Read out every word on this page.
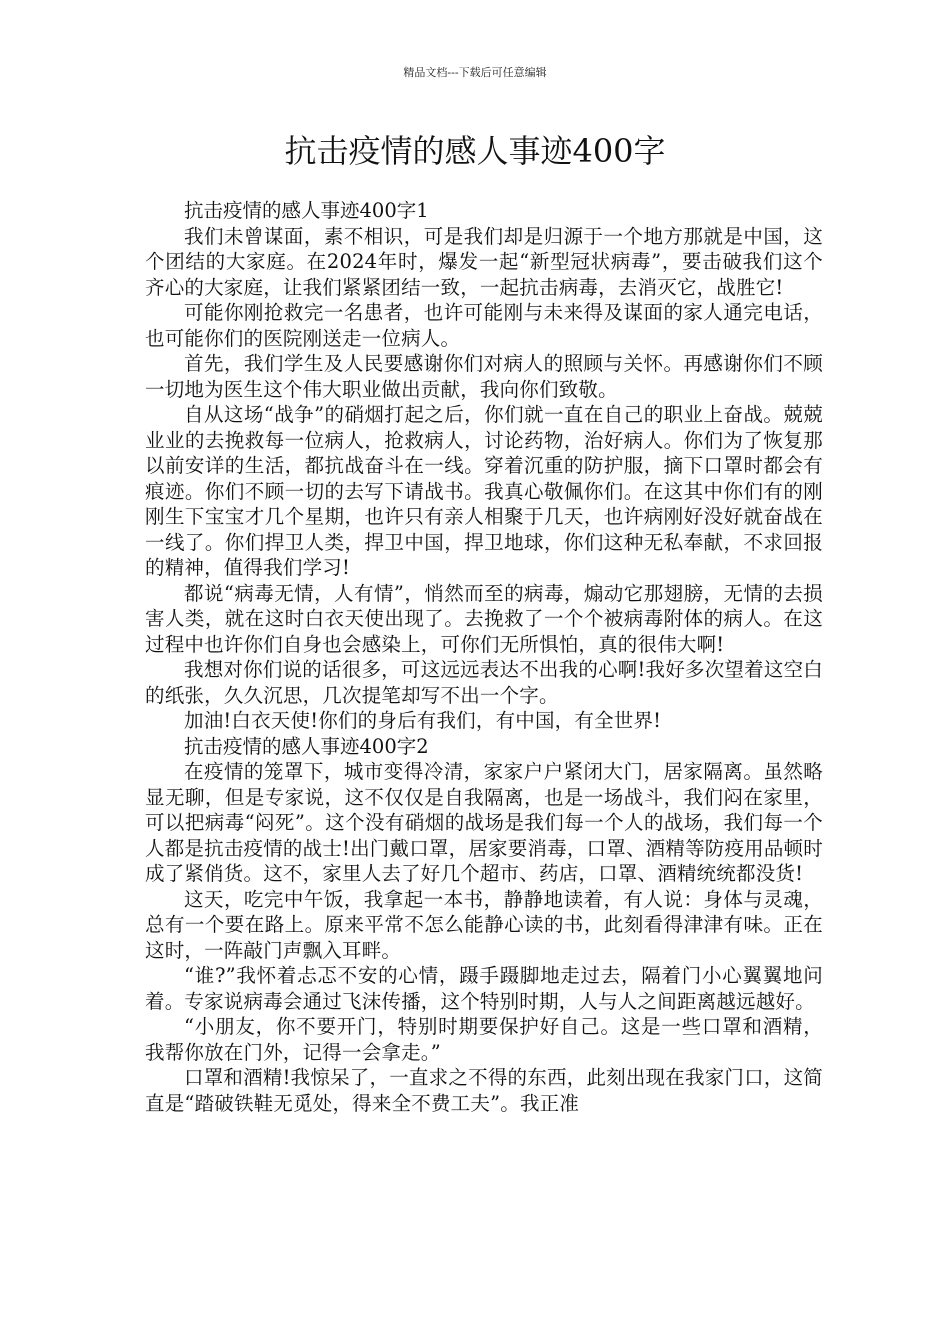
精品文档---下载后可任意编辑
抗击疫情的感人事迹400字

抗击疫情的感人事迹400字1

我们未曾谋面，素不相识，可是我们却是归源于一个地方那就是中国，这个团结的大家庭。在2024年时，爆发一起“新型冠状病毒”，要击破我们这个齐心的大家庭，让我们紧紧团结一致，一起抗击病毒，去消灭它，战胜它!

可能你刚抢救完一名患者，也许可能刚与未来得及谋面的家人通完电话，也可能你们的医院刚送走一位病人。

首先，我们学生及人民要感谢你们对病人的照顾与关怀。再感谢你们不顾一切地为医生这个伟大职业做出贡献，我向你们致敬。

自从这场“战争”的硝烟打起之后，你们就一直在自己的职业上奋战。兢兢业业的去挽救每一位病人，抢救病人，讨论药物，治好病人。你们为了恢复那以前安详的生活，都抗战奋斗在一线。穿着沉重的防护服，摘下口罩时都会有痕迹。你们不顾一切的去写下请战书。我真心敬佩你们。在这其中你们有的刚刚生下宝宝才几个星期，也许只有亲人相聚于几天，也许病刚好没好就奋战在一线了。你们捍卫人类，捍卫中国，捍卫地球，你们这种无私奉献，不求回报的精神，值得我们学习!

都说“病毒无情，人有情”，悄然而至的病毒，煽动它那翅膀，无情的去损害人类，就在这时白衣天使出现了。去挽救了一个个被病毒附体的病人。在这过程中也许你们自身也会感染上，可你们无所惧怕，真的很伟大啊!

我想对你们说的话很多，可这远远表达不出我的心啊!我好多次望着这空白的纸张，久久沉思，几次提笔却写不出一个字。

加油!白衣天使!你们的身后有我们，有中国，有全世界!

抗击疫情的感人事迹400字2

在疫情的笼罩下，城市变得冷清，家家户户紧闭大门，居家隔离。虽然略显无聊，但是专家说，这不仅仅是自我隔离，也是一场战斗，我们闷在家里，可以把病毒“闷死”。这个没有硝烟的战场是我们每一个人的战场，我们每一个人都是抗击疫情的战士!出门戴口罩，居家要消毒，口罩、酒精等防疫用品顿时成了紧俏货。这不，家里人去了好几个超市、药店，口罩、酒精统统都没货!

这天，吃完中午饭，我拿起一本书，静静地读着，有人说：身体与灵魂，总有一个要在路上。原来平常不怎么能静心读的书，此刻看得津津有味。正在这时，一阵敲门声飘入耳畔。

“谁?”我怀着忐忑不安的心情，蹑手蹑脚地走过去，隔着门小心翼翼地问着。专家说病毒会通过飞沫传播，这个特别时期，人与人之间距离越远越好。

“小朋友，你不要开门，特别时期要保护好自己。这是一些口罩和酒精，我帮你放在门外，记得一会拿走。”

口罩和酒精!我惊呆了，一直求之不得的东西，此刻出现在我家门口，这简直是“踏破铁鞋无觅处，得来全不费工夫”。我正准
